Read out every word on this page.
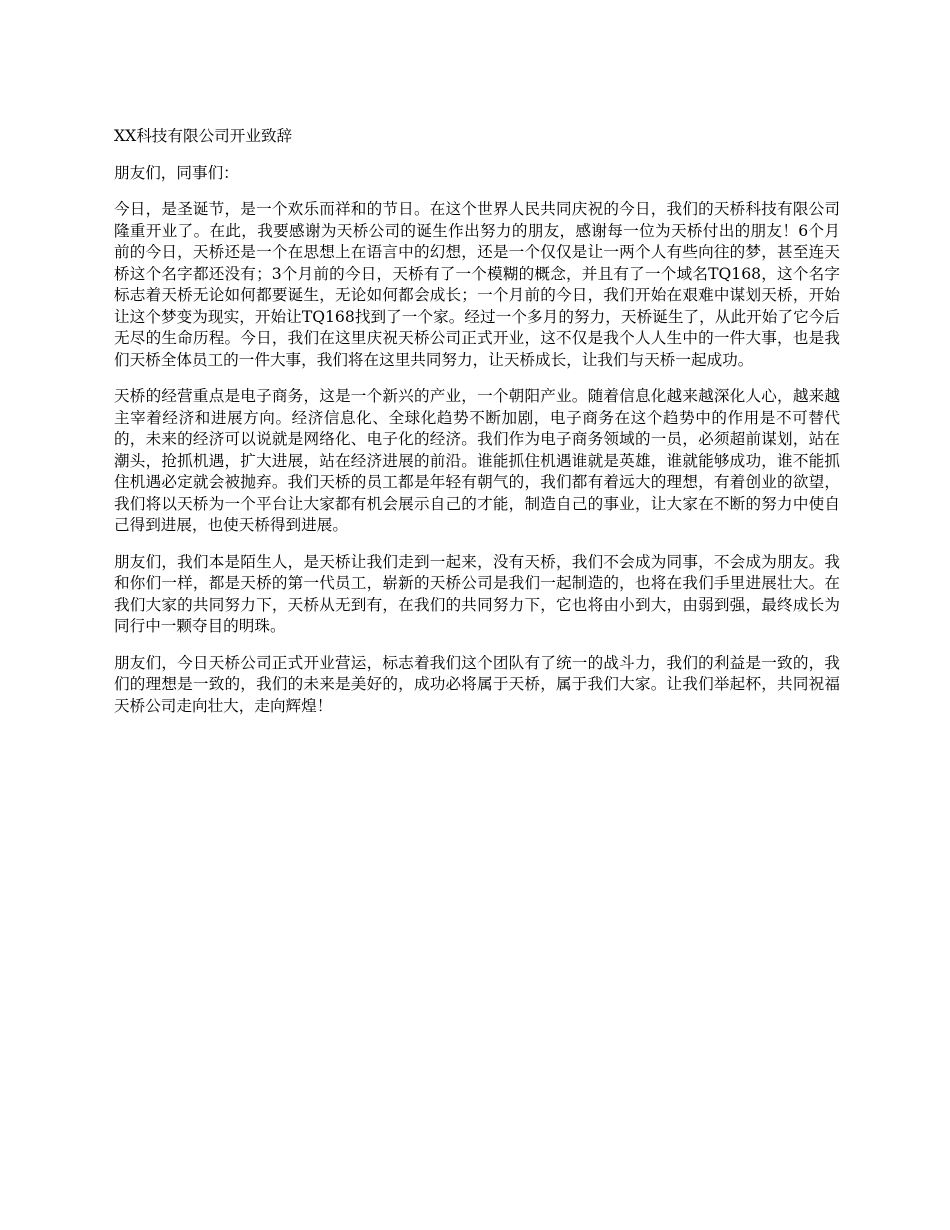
XX科技有限公司开业致辞
朋友们，同事们：
今日，是圣诞节，是一个欢乐而祥和的节日。在这个世界人民共同庆祝的今日，我们的天桥科技有限公司隆重开业了。在此，我要感谢为天桥公司的诞生作出努力的朋友，感谢每一位为天桥付出的朋友！6个月前的今日，天桥还是一个在思想上在语言中的幻想，还是一个仅仅是让一两个人有些向往的梦，甚至连天桥这个名字都还没有；3个月前的今日，天桥有了一个模糊的概念，并且有了一个域名TQ168，这个名字标志着天桥无论如何都要诞生，无论如何都会成长；一个月前的今日，我们开始在艰难中谋划天桥，开始让这个梦变为现实，开始让TQ168找到了一个家。经过一个多月的努力，天桥诞生了，从此开始了它今后无尽的生命历程。今日，我们在这里庆祝天桥公司正式开业，这不仅是我个人人生中的一件大事，也是我们天桥全体员工的一件大事，我们将在这里共同努力，让天桥成长，让我们与天桥一起成功。
天桥的经营重点是电子商务，这是一个新兴的产业，一个朝阳产业。随着信息化越来越深化人心，越来越主宰着经济和进展方向。经济信息化、全球化趋势不断加剧，电子商务在这个趋势中的作用是不可替代的，未来的经济可以说就是网络化、电子化的经济。我们作为电子商务领域的一员，必须超前谋划，站在潮头，抢抓机遇，扩大进展，站在经济进展的前沿。谁能抓住机遇谁就是英雄，谁就能够成功，谁不能抓住机遇必定就会被抛弃。我们天桥的员工都是年轻有朝气的，我们都有着远大的理想，有着创业的欲望，我们将以天桥为一个平台让大家都有机会展示自己的才能，制造自己的事业，让大家在不断的努力中使自己得到进展，也使天桥得到进展。
朋友们，我们本是陌生人，是天桥让我们走到一起来，没有天桥，我们不会成为同事，不会成为朋友。我和你们一样，都是天桥的第一代员工，崭新的天桥公司是我们一起制造的，也将在我们手里进展壮大。在我们大家的共同努力下，天桥从无到有，在我们的共同努力下，它也将由小到大，由弱到强，最终成长为同行中一颗夺目的明珠。
朋友们，今日天桥公司正式开业营运，标志着我们这个团队有了统一的战斗力，我们的利益是一致的，我们的理想是一致的，我们的未来是美好的，成功必将属于天桥，属于我们大家。让我们举起杯，共同祝福天桥公司走向壮大，走向辉煌！
